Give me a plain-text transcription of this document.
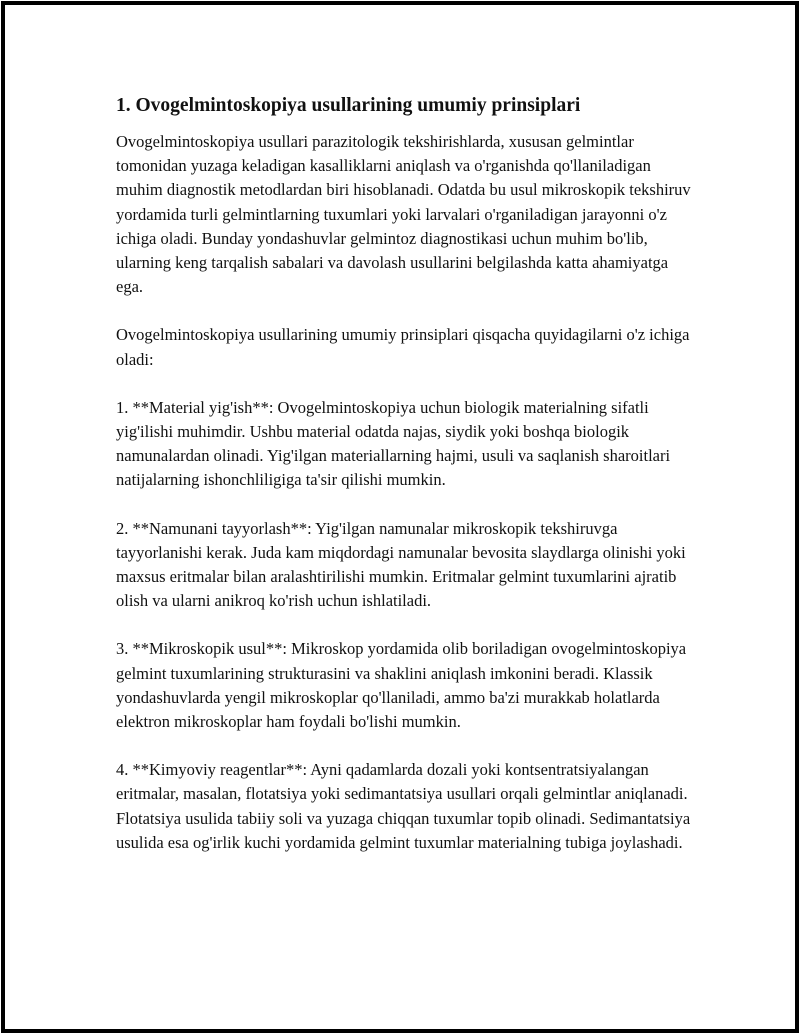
1. Ovogelmintoskopiya usullarining umumiy prinsiplari

Ovogelmintoskopiya usullari parazitologik tekshirishlarda, xususan gelmintlar tomonidan yuzaga keladigan kasalliklarni aniqlash va o'rganishda qo'llaniladigan muhim diagnostik metodlardan biri hisoblanadi. Odatda bu usul mikroskopik tekshiruv yordamida turli gelmintlarning tuxumlari yoki larvalari o'rganiladigan jarayonni o'z ichiga oladi. Bunday yondashuvlar gelmintoz diagnostikasi uchun muhim bo'lib, ularning keng tarqalish sabalari va davolash usullarini belgilashda katta ahamiyatga ega.

Ovogelmintoskopiya usullarining umumiy prinsiplari qisqacha quyidagilarni o'z ichiga oladi:

1. **Material yig'ish**: Ovogelmintoskopiya uchun biologik materialning sifatli yig'ilishi muhimdir. Ushbu material odatda najas, siydik yoki boshqa biologik namunalardan olinadi. Yig'ilgan materiallarning hajmi, usuli va saqlanish sharoitlari natijalarning ishonchliligiga ta'sir qilishi mumkin.

2. **Namunani tayyorlash**: Yig'ilgan namunalar mikroskopik tekshiruvga tayyorlanishi kerak. Juda kam miqdordagi namunalar bevosita slaydlarga olinishi yoki maxsus eritmalar bilan aralashtirilishi mumkin. Eritmalar gelmint tuxumlarini ajratib olish va ularni anikroq ko'rish uchun ishlatiladi.

3. **Mikroskopik usul**: Mikroskop yordamida olib boriladigan ovogelmintoskopiya gelmint tuxumlarining strukturasini va shaklini aniqlash imkonini beradi. Klassik yondashuvlarda yengil mikroskoplar qo'llaniladi, ammo ba'zi murakkab holatlarda elektron mikroskoplar ham foydali bo'lishi mumkin.

4. **Kimyoviy reagentlar**: Ayni qadamlarda dozali yoki kontsentratsiyalangan eritmalar, masalan, flotatsiya yoki sedimantatsiya usullari orqali gelmintlar aniqlanadi. Flotatsiya usulida tabiiy soli va yuzaga chiqqan tuxumlar topib olinadi. Sedimantatsiya usulida esa og'irlik kuchi yordamida gelmint tuxumlar materialning tubiga joylashadi.
